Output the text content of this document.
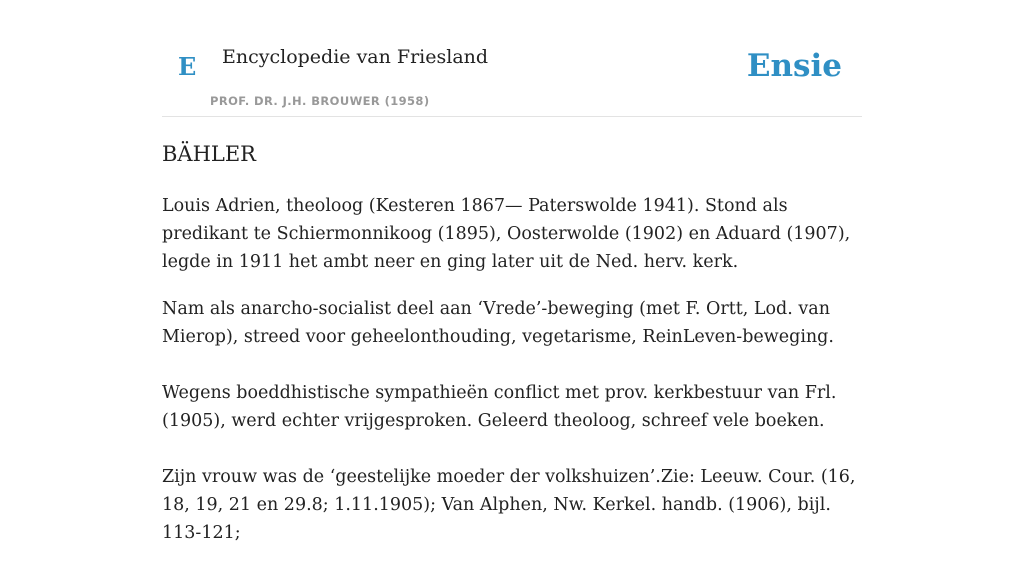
E Encyclopedie van Friesland
PROF. DR. J.H. BROUWER (1958)
Ensie
BÄHLER

Louis Adrien, theoloog (Kesteren 1867— Paterswolde 1941). Stond als predikant te Schiermonnikoog (1895), Oosterwolde (1902) en Aduard (1907), legde in 1911 het ambt neer en ging later uit de Ned. herv. kerk.

Nam als anarcho-socialist deel aan ‘Vrede’-beweging (met F. Ortt, Lod. van Mierop), streed voor geheelonthouding, vegetarisme, ReinLeven-beweging.

Wegens boeddhistische sympathieën conflict met prov. kerkbestuur van Frl. (1905), werd echter vrijgesproken. Geleerd theoloog, schreef vele boeken.

Zijn vrouw was de ‘geestelijke moeder der volkshuizen’.Zie: Leeuw. Cour. (16, 18, 19, 21 en 29.8; 1.11.1905); Van Alphen, Nw. Kerkel. handb. (1906), bijl. 113-121;
